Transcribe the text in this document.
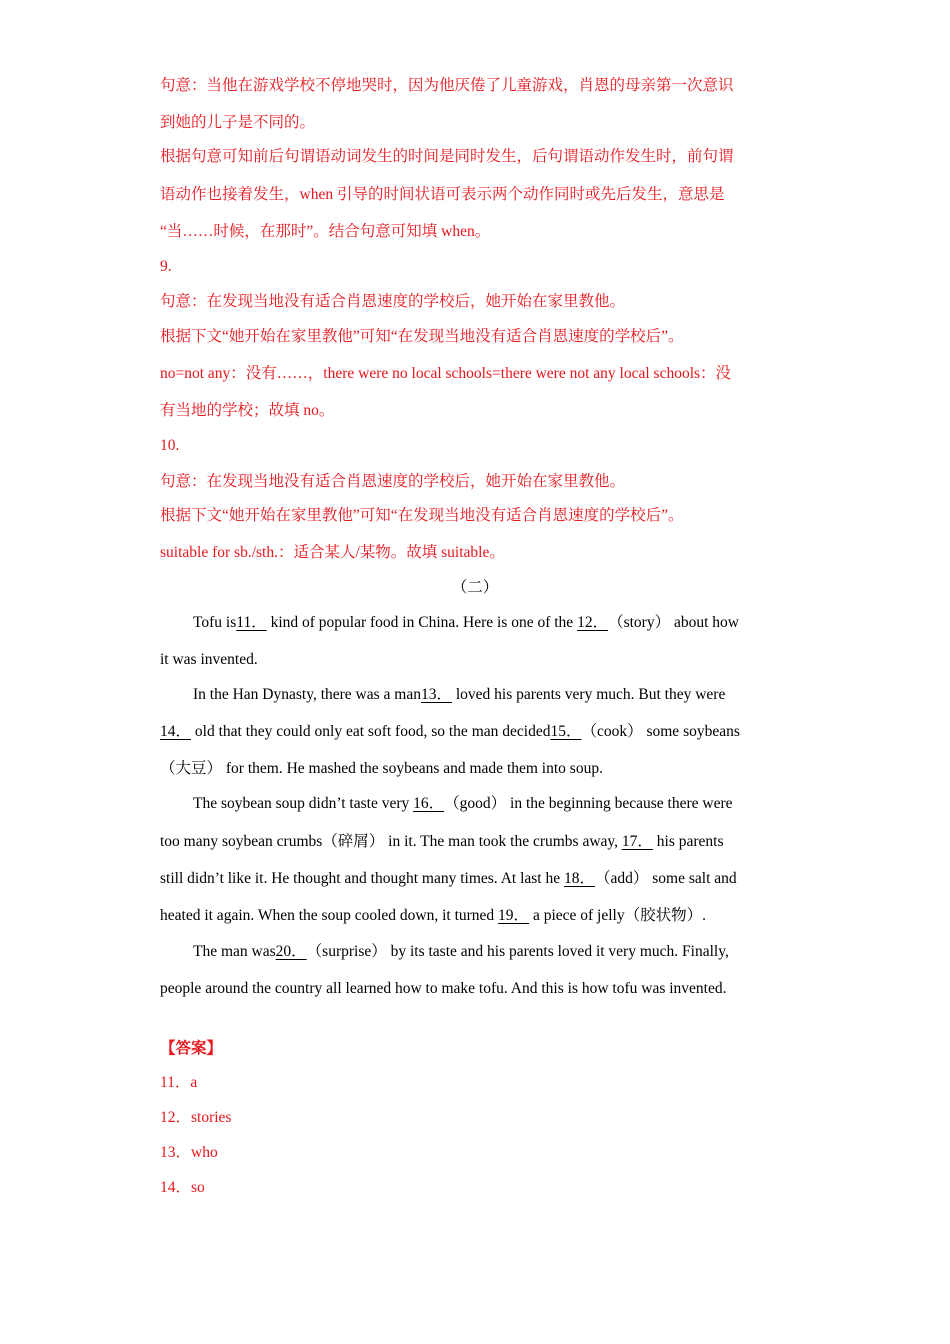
句意：当他在游戏学校不停地哭时，因为他厌倦了儿童游戏，肖恩的母亲第一次意识
到她的儿子是不同的。
根据句意可知前后句谓语动词发生的时间是同时发生，后句谓语动作发生时，前句谓
语动作也接着发生，when 引导的时间状语可表示两个动作同时或先后发生，意思是
“当……时候，在那时”。结合句意可知填 when。
9.
句意：在发现当地没有适合肖恩速度的学校后，她开始在家里教他。
根据下文“她开始在家里教他”可知“在发现当地没有适合肖恩速度的学校后”。
no=not any：没有……，there were no local schools=there were not any local schools：没
有当地的学校；故填 no。
10.
句意：在发现当地没有适合肖恩速度的学校后，她开始在家里教他。
根据下文“她开始在家里教他”可知“在发现当地没有适合肖恩速度的学校后”。
suitable for sb./sth.：适合某人/某物。故填 suitable。
（二）
Tofu is11． kind of popular food in China. Here is one of the 12．（story） about how
it was invented.
In the Han Dynasty, there was a man13． loved his parents very much. But they were
14． old that they could only eat soft food, so the man decided15．（cook） some soybeans
（大豆） for them. He mashed the soybeans and made them into soup.
The soybean soup didn’t taste very 16．（good） in the beginning because there were
too many soybean crumbs（碎屑） in it. The man took the crumbs away, 17． his parents
still didn’t like it. He thought and thought many times. At last he 18．（add） some salt and
heated it again. When the soup cooled down, it turned 19． a piece of jelly（胶状物）.
The man was20．（surprise） by its taste and his parents loved it very much. Finally,
people around the country all learned how to make tofu. And this is how tofu was invented.
【答案】
11．a
12．stories
13．who
14．so
